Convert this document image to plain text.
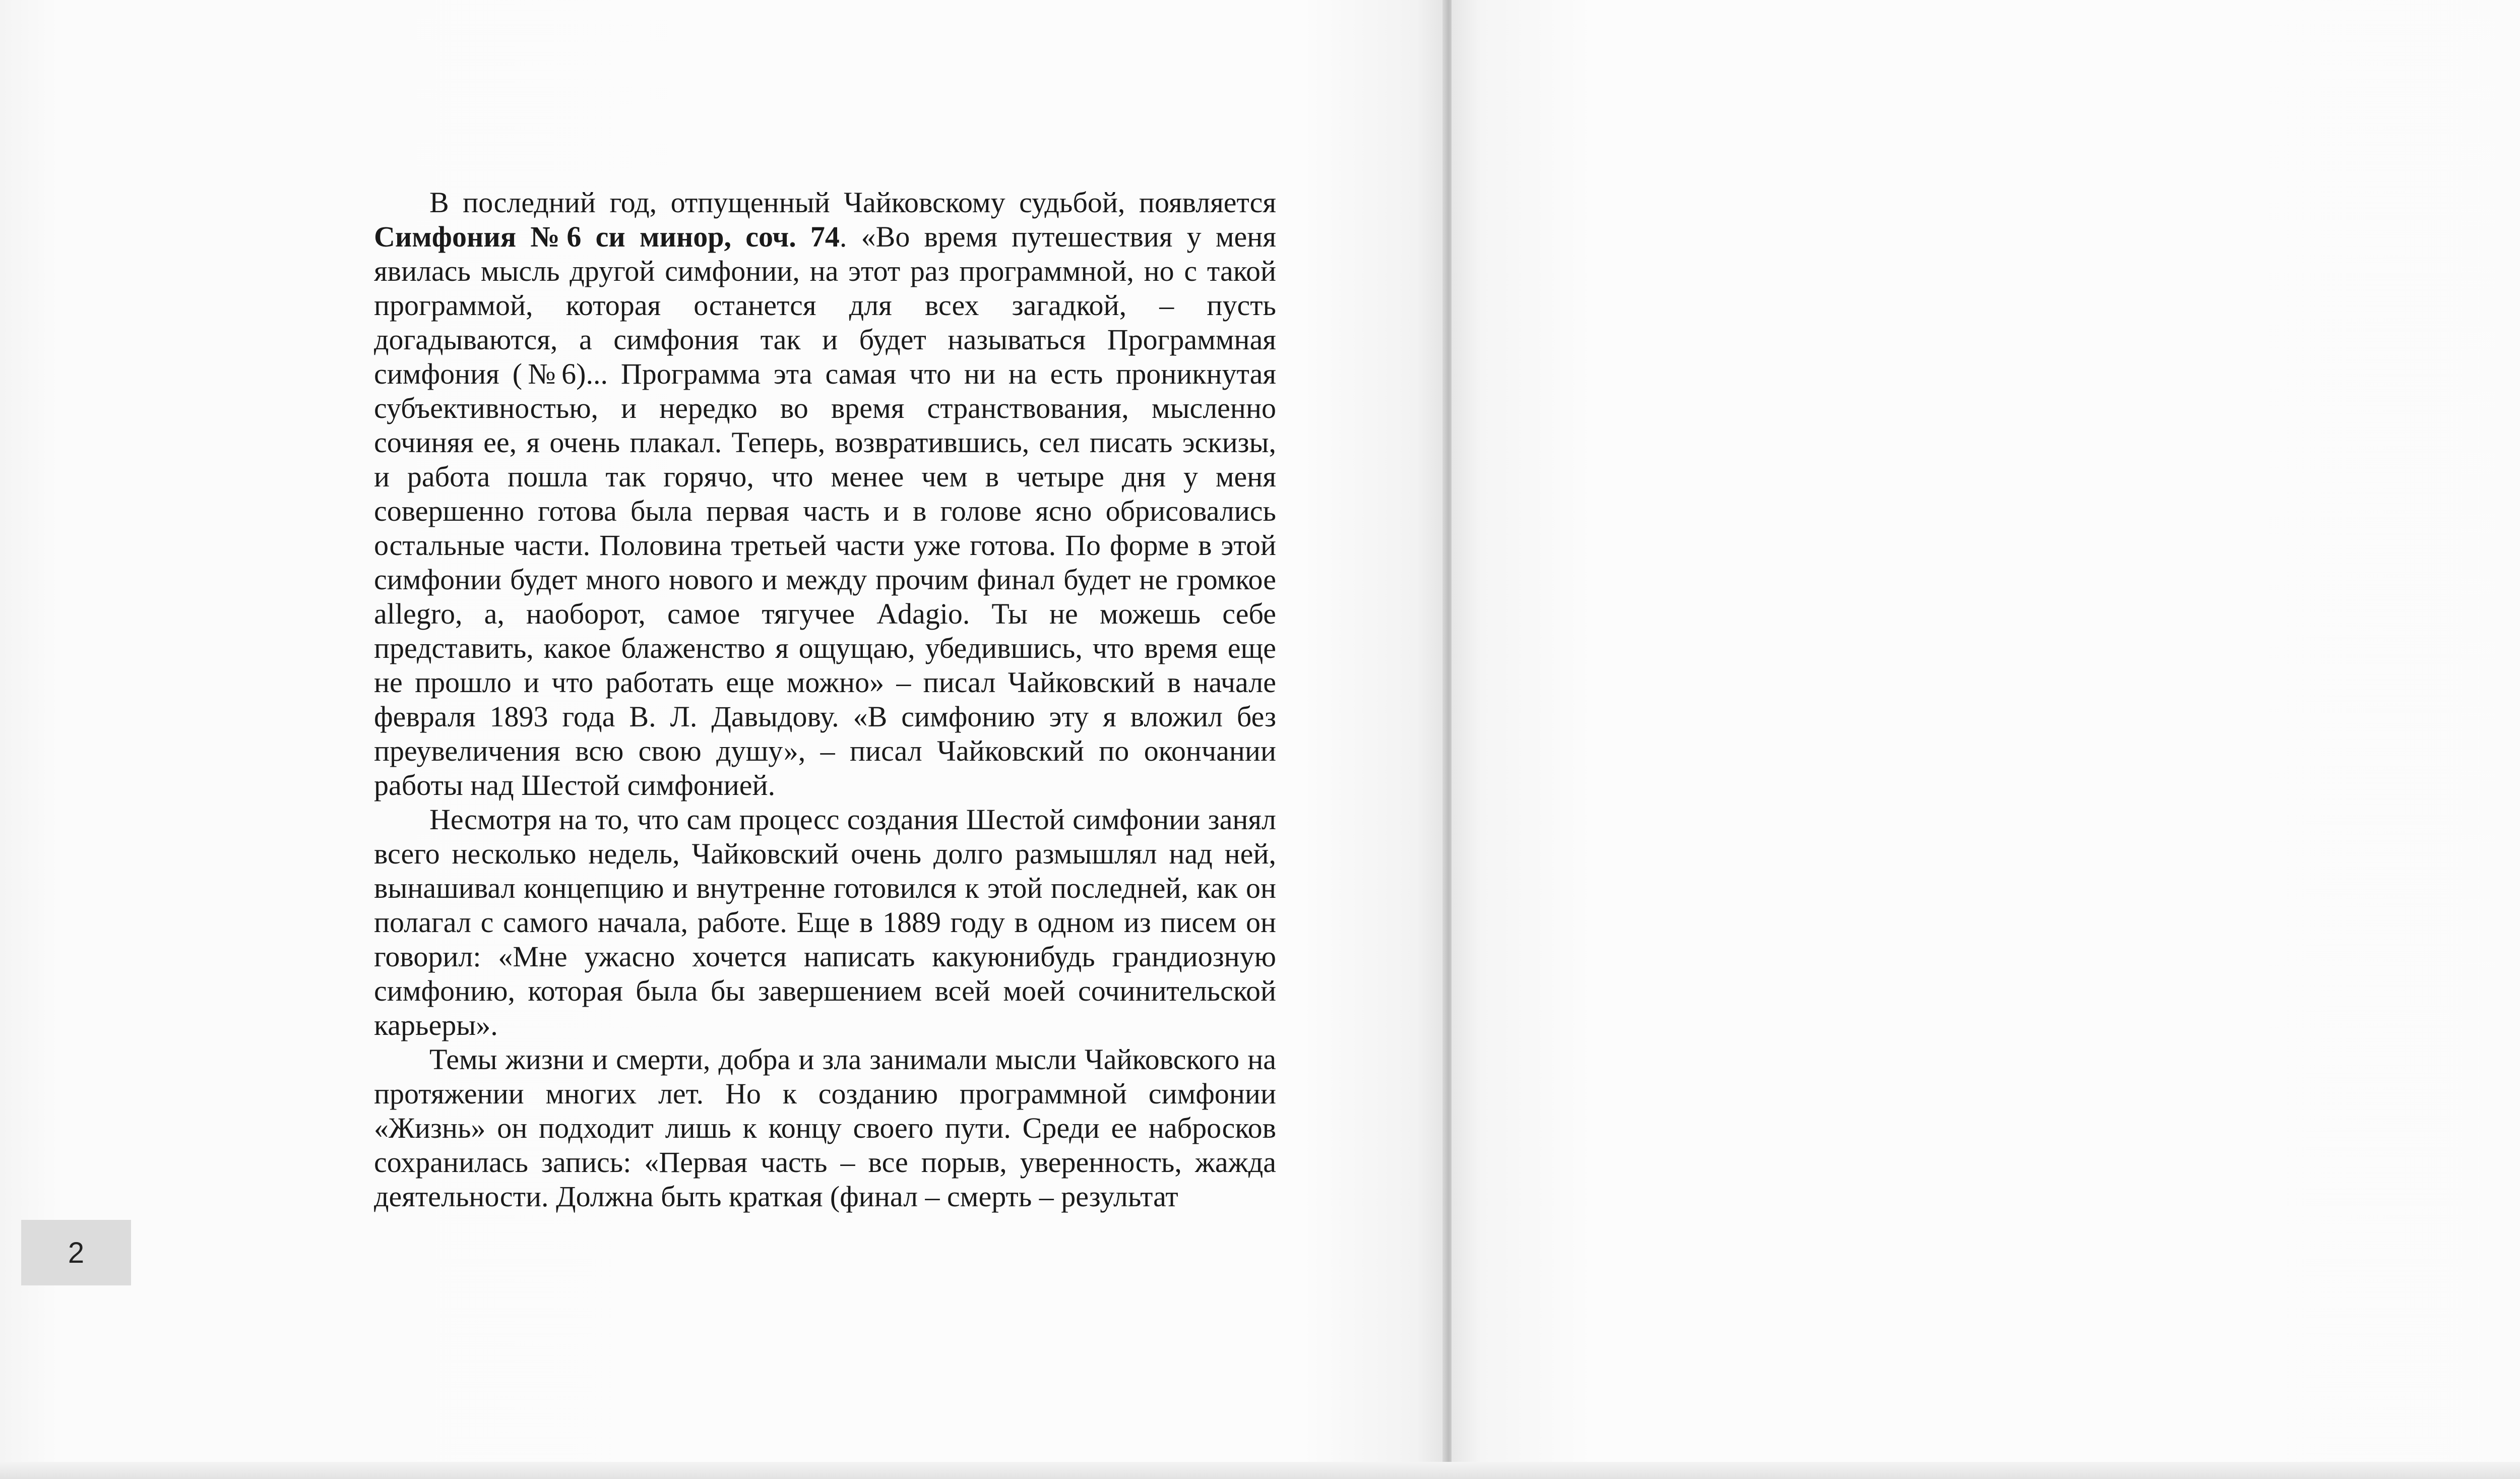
В последний год, отпущенный Чайковскому судьбой, появляется Симфония №6 си минор, соч. 74. «Во время путешествия у меня явилась мысль другой симфонии, на этот раз программной, но с такой программой, которая останется для всех загадкой, – пусть догадываются, а симфония так и будет называться Программная симфония (№6)... Программа эта самая что ни на есть проникнутая субъективностью, и нередко во время странствования, мысленно сочиняя ее, я очень плакал. Теперь, возвратившись, сел писать эскизы, и работа пошла так горячо, что менее чем в четыре дня у меня совершенно готова была первая часть и в голове ясно обрисовались остальные части. Половина третьей части уже готова. По форме в этой симфонии будет много нового и между прочим финал будет не громкое allegro, а, наоборот, самое тягучее Adagio. Ты не можешь себе представить, какое блаженство я ощущаю, убедившись, что время еще не прошло и что работать еще можно» – писал Чайковский в начале февраля 1893 года В. Л. Давыдову. «В симфонию эту я вложил без преувеличения всю свою душу», – писал Чайковский по окончании работы над Шестой симфонией.

Несмотря на то, что сам процесс создания Шестой симфонии занял всего несколько недель, Чайковский очень долго размышлял над ней, вынашивал концепцию и внутренне готовился к этой последней, как он полагал с самого начала, работе. Еще в 1889 году в одном из писем он говорил: «Мне ужасно хочется написать какуюнибудь грандиозную симфонию, которая была бы завершением всей моей сочинительской карьеры».

Темы жизни и смерти, добра и зла занимали мысли Чайковского на протяжении многих лет. Но к созданию программной симфонии «Жизнь» он подходит лишь к концу своего пути. Среди ее набросков сохранилась запись: «Первая часть – все порыв, уверенность, жажда деятельности. Должна быть краткая (финал – смерть – результат

2
